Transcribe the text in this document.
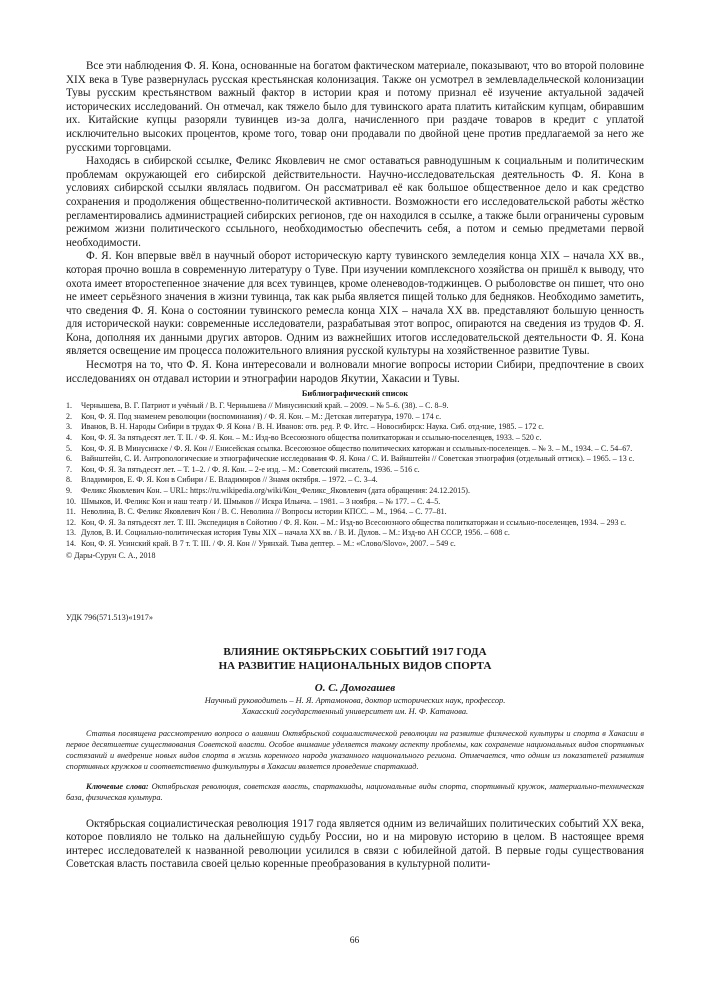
Все эти наблюдения Ф. Я. Кона, основанные на богатом фактическом материале, показывают, что во второй половине XIX века в Туве развернулась русская крестьянская колонизация. Также он усмотрел в землевладельческой колонизации Тувы русским крестьянством важный фактор в истории края и потому признал её изучение актуальной задачей исторических исследований. Он отмечал, как тяжело было для тувинского арата платить китайским купцам, обиравшим их. Китайские купцы разоряли тувинцев из-за долга, начисленного при раздаче товаров в кредит с уплатой исключительно высоких процентов, кроме того, товар они продавали по двойной цене против предлагаемой за него же русскими торговцами.

Находясь в сибирской ссылке, Феликс Яковлевич не смог оставаться равнодушным к социальным и политическим проблемам окружающей его сибирской действительности. Научно-исследовательская деятельность Ф. Я. Кона в условиях сибирской ссылки являлась подвигом. Он рассматривал её как большое общественное дело и как средство сохранения и продолжения общественно-политической активности. Возможности его исследовательской работы жёстко регламентировались администрацией сибирских регионов, где он находился в ссылке, а также были ограничены суровым режимом жизни политического ссыльного, необходимостью обеспечить себя, а потом и семью предметами первой необходимости.

Ф. Я. Кон впервые ввёл в научный оборот историческую карту тувинского земледелия конца XIX – начала XX вв., которая прочно вошла в современную литературу о Туве. При изучении комплексного хозяйства он пришёл к выводу, что охота имеет второстепенное значение для всех тувинцев, кроме оленеводов-тоджинцев. О рыболовстве он пишет, что оно не имеет серьёзного значения в жизни тувинца, так как рыба является пищей только для бедняков. Необходимо заметить, что сведения Ф. Я. Кона о состоянии тувинского ремесла конца XIX – начала XX вв. представляют большую ценность для исторической науки: современные исследователи, разрабатывая этот вопрос, опираются на сведения из трудов Ф. Я. Кона, дополняя их данными других авторов. Одним из важнейших итогов исследовательской деятельности Ф. Я. Кона является освещение им процесса положительного влияния русской культуры на хозяйственное развитие Тувы.

Несмотря на то, что Ф. Я. Кона интересовали и волновали многие вопросы истории Сибири, предпочтение в своих исследованиях он отдавал истории и этнографии народов Якутии, Хакасии и Тувы.

Библиографический список
1. Чернышева, В. Г. Патриот и учёный / В. Г. Чернышева // Минусинский край. – 2009. – № 5–6. (38). – С. 8–9.
2. Кон, Ф. Я. Под знаменем революции (воспоминания) / Ф. Я. Кон. – М.: Детская литература, 1970. – 174 с.
3. Иванов, В. Н. Народы Сибири в трудах Ф. Я Кона / В. Н. Иванов: отв. ред. Р. Ф. Итс. – Новосибирск: Наука. Сиб. отд-ние, 1985. – 172 с.
4. Кон, Ф. Я. За пятьдесят лет. Т. II. / Ф. Я. Кон. – М.: Изд-во Всесоюзного общества политкаторжан и ссыльно-поселенцев, 1933. – 520 с.
5. Кон, Ф. Я. В Минусинске / Ф. Я. Кон // Енисейская ссылка. Всесоюзное общество политических каторжан и ссыльных-поселенцев. – № 3. – М., 1934. – С. 54–67.
6. Вайнштейн, С. И. Антропологические и этнографические исследования Ф. Я. Кона / С. И. Вайнштейн // Советская этнография (отдельный оттиск). – 1965. – 13 с.
7. Кон, Ф. Я. За пятьдесят лет. – Т. 1–2. / Ф. Я. Кон. – 2-е изд. – М.: Советский писатель, 1936. – 516 с.
8. Владимиров, Е. Ф. Я. Кон в Сибири / Е. Владимиров // Знамя октября. – 1972. – С. 3–4.
9. Феликс Яковлевич Кон. – URL: https://ru.wikipedia.org/wiki/Кон_Феликс_Яковлевич (дата обращения: 24.12.2015).
10. Шмыков, И. Феликс Кон и наш театр / И. Шмыков // Искра Ильича. – 1981. – 3 ноября. – № 177. – С. 4–5.
11. Неволина, В. С. Феликс Яковлевич Кон / В. С. Неволина // Вопросы истории КПСС. – М., 1964. – С. 77–81.
12. Кон, Ф. Я. За пятьдесят лет. Т. III. Экспедиция в Сойотию / Ф. Я. Кон. – М.: Изд-во Всесоюзного общества политкаторжан и ссыльно-поселенцев, 1934. – 293 с.
13. Дулов, В. И. Социально-политическая история Тувы XIX – начала XX вв. / В. И. Дулов. – М.: Изд-во АН СССР, 1956. – 608 с.
14. Кон, Ф. Я. Усинский край. В 7 т. Т. III. / Ф. Я. Кон // Урянхай. Тыва дептер. – М.: «Слово/Slovo», 2007. – 549 с.
© Дары-Сурун С. А., 2018
УДК 796(571.513)«1917»
ВЛИЯНИЕ ОКТЯБРЬСКИХ СОБЫТИЙ 1917 ГОДА
НА РАЗВИТИЕ НАЦИОНАЛЬНЫХ ВИДОВ СПОРТА
О. С. Домогашев
Научный руководитель – Н. Я. Артамонова, доктор исторических наук, профессор.
Хакасский государственный университет им. Н. Ф. Катанова.

Статья посвящена рассмотрению вопроса о влиянии Октябрьской социалистической революции на развитие физической культуры и спорта в Хакасии в первое десятилетие существования Советской власти. Особое внимание уделяется такому аспекту проблемы, как сохранение национальных видов спортивных состязаний и внедрение новых видов спорта в жизнь коренного народа указанного национального региона. Отмечается, что одним из показателей развития спортивных кружков и соответственно физкультуры в Хакасии является проведение спартакиад.

Ключевые слова: Октябрьская революция, советская власть, спартакиады, национальные виды спорта, спортивный кружок, материально-техническая база, физическая культура.

Октябрьская социалистическая революция 1917 года является одним из величайших политических событий XX века, которое повлияло не только на дальнейшую судьбу России, но и на мировую историю в целом. В настоящее время интерес исследователей к названной революции усилился в связи с юбилейной датой. В первые годы существования Советская власть поставила своей целью коренные преобразования в культурной полити-

66
